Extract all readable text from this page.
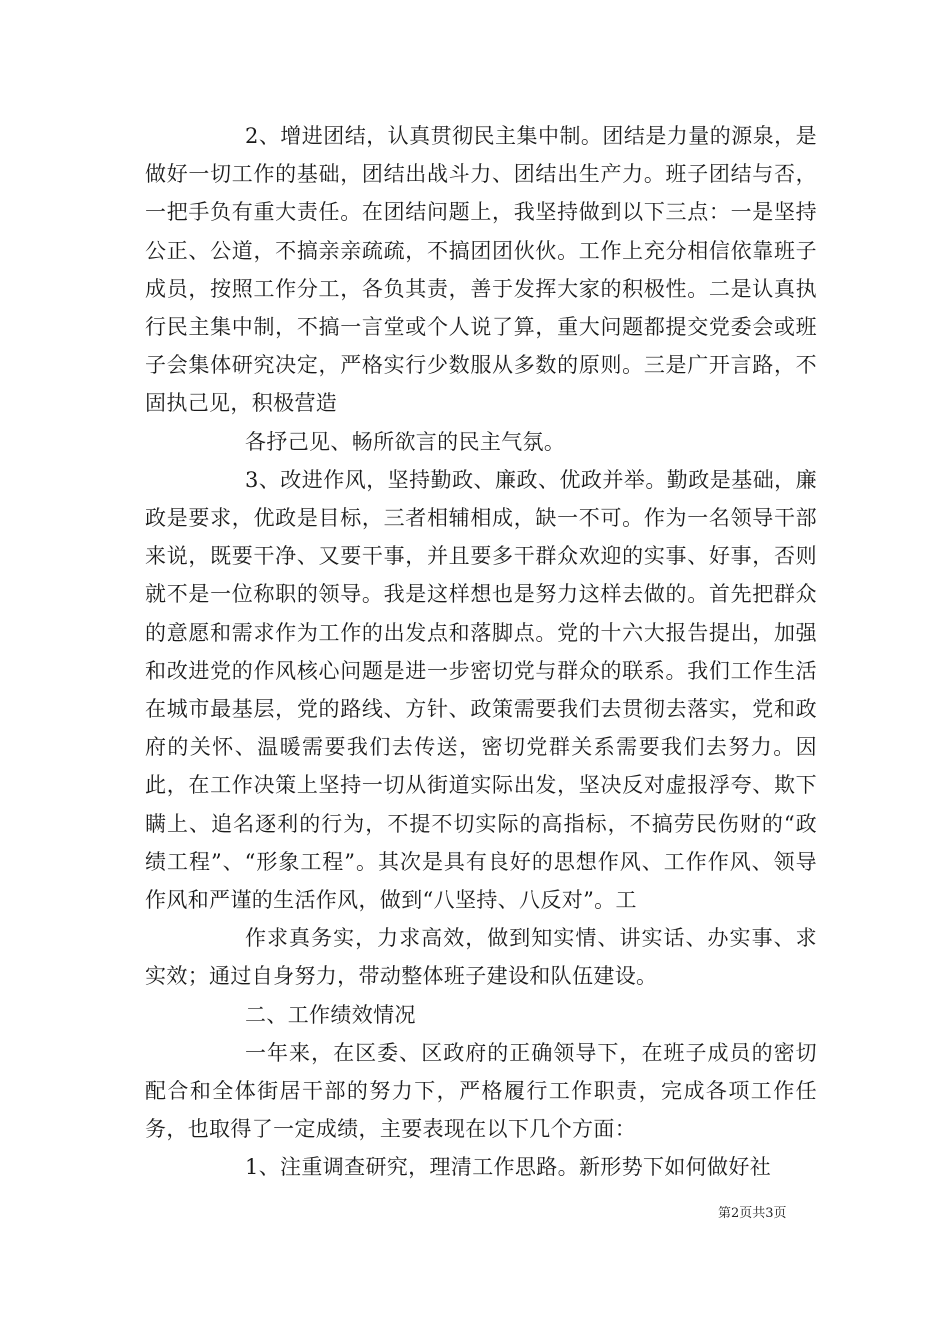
2、增进团结，认真贯彻民主集中制。团结是力量的源泉，是做好一切工作的基础，团结出战斗力、团结出生产力。班子团结与否，一把手负有重大责任。在团结问题上，我坚持做到以下三点：一是坚持公正、公道，不搞亲亲疏疏，不搞团团伙伙。工作上充分相信依靠班子成员，按照工作分工，各负其责，善于发挥大家的积极性。二是认真执行民主集中制，不搞一言堂或个人说了算，重大问题都提交党委会或班子会集体研究决定，严格实行少数服从多数的原则。三是广开言路，不固执己见，积极营造

各抒己见、畅所欲言的民主气氛。

3、改进作风，坚持勤政、廉政、优政并举。勤政是基础，廉政是要求，优政是目标，三者相辅相成，缺一不可。作为一名领导干部来说，既要干净、又要干事，并且要多干群众欢迎的实事、好事，否则就不是一位称职的领导。我是这样想也是努力这样去做的。首先把群众的意愿和需求作为工作的出发点和落脚点。党的十六大报告提出，加强和改进党的作风核心问题是进一步密切党与群众的联系。我们工作生活在城市最基层，党的路线、方针、政策需要我们去贯彻去落实，党和政府的关怀、温暖需要我们去传送，密切党群关系需要我们去努力。因此，在工作决策上坚持一切从街道实际出发，坚决反对虚报浮夸、欺下瞒上、追名逐利的行为，不提不切实际的高指标，不搞劳民伤财的“政绩工程”、“形象工程”。其次是具有良好的思想作风、工作作风、领导作风和严谨的生活作风，做到“八坚持、八反对”。工

作求真务实，力求高效，做到知实情、讲实话、办实事、求实效；通过自身努力，带动整体班子建设和队伍建设。

二、工作绩效情况

一年来，在区委、区政府的正确领导下，在班子成员的密切配合和全体街居干部的努力下，严格履行工作职责，完成各项工作任务，也取得了一定成绩，主要表现在以下几个方面：

1、注重调查研究，理清工作思路。新形势下如何做好社

第2页共3页
